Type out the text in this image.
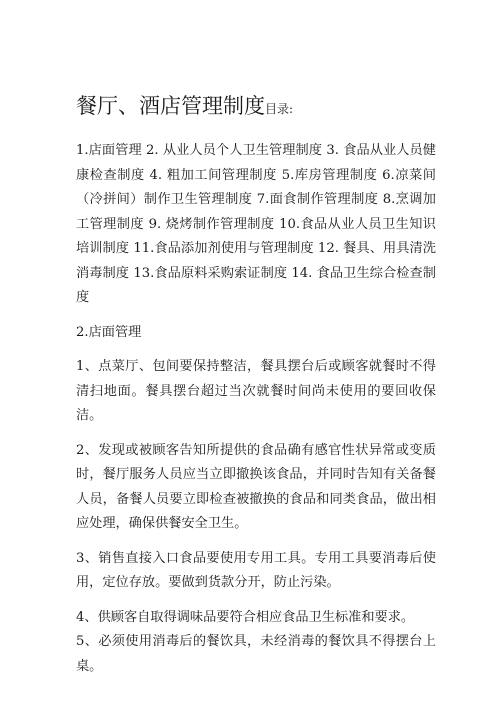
餐厅、酒店管理制度目录:

1.店面管理 2. 从业人员个人卫生管理制度 3. 食品从业人员健康检查制度 4. 粗加工间管理制度 5.库房管理制度 6.凉菜间（冷拼间）制作卫生管理制度 7.面食制作管理制度 8.烹调加工管理制度 9. 烧烤制作管理制度 10.食品从业人员卫生知识培训制度 11.食品添加剂使用与管理制度 12. 餐具、用具清洗消毒制度 13.食品原料采购索证制度 14. 食品卫生综合检查制度

2.店面管理

1、点菜厅、包间要保持整洁，餐具摆台后或顾客就餐时不得清扫地面。餐具摆台超过当次就餐时间尚未使用的要回收保洁。

2、发现或被顾客告知所提供的食品确有感官性状异常或变质时，餐厅服务人员应当立即撤换该食品，并同时告知有关备餐人员，备餐人员要立即检查被撤换的食品和同类食品，做出相应处理，确保供餐安全卫生。

3、销售直接入口食品要使用专用工具。专用工具要消毒后使用，定位存放。要做到货款分开，防止污染。

4、供顾客自取得调味品要符合相应食品卫生标准和要求。

5、必须使用消毒后的餐饮具，未经消毒的餐饮具不得摆台上桌。
